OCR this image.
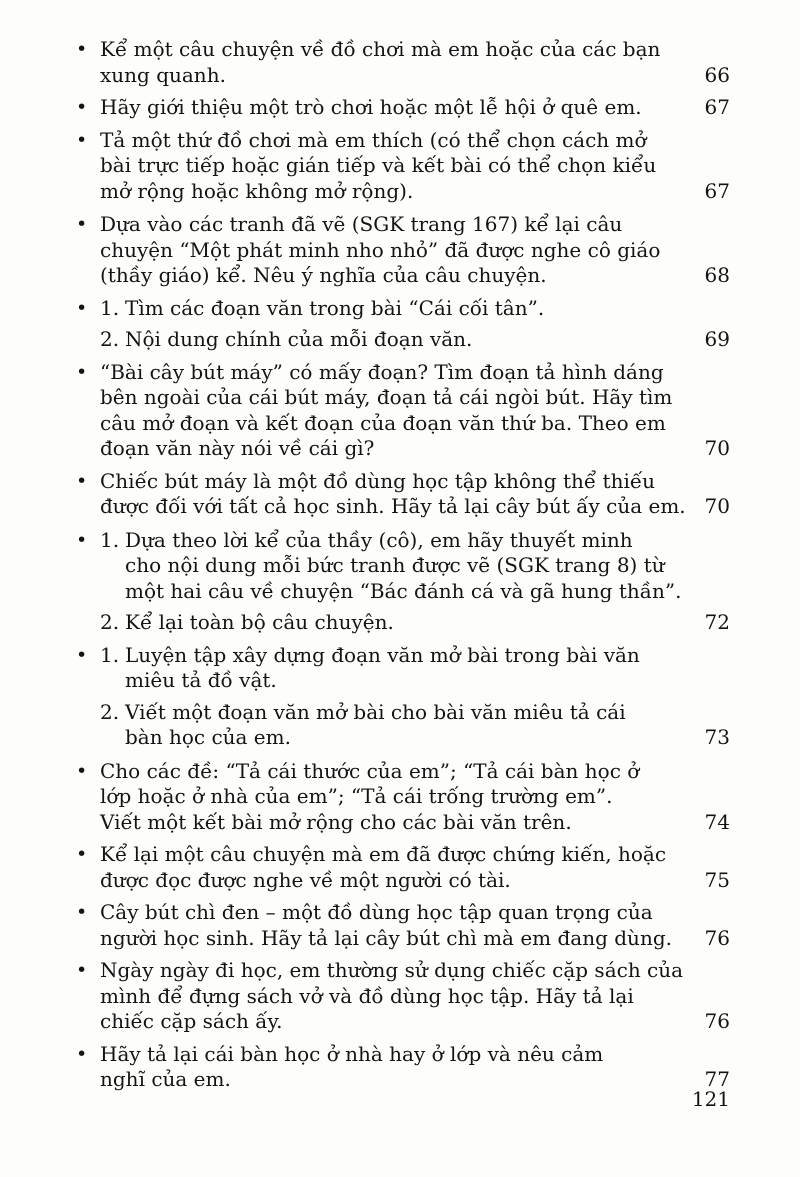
• Kể một câu chuyện về đồ chơi mà em hoặc của các bạn
xung quanh.	66
• Hãy giới thiệu một trò chơi hoặc một lễ hội ở quê em.	67
• Tả một thứ đồ chơi mà em thích (có thể chọn cách mở
bài trực tiếp hoặc gián tiếp và kết bài có thể chọn kiểu
mở rộng hoặc không mở rộng).	67
• Dựa vào các tranh đã vẽ (SGK trang 167) kể lại câu
chuyện “Một phát minh nho nhỏ” đã được nghe cô giáo
(thầy giáo) kể. Nêu ý nghĩa của câu chuyện.	68
• 1. Tìm các đoạn văn trong bài “Cái cối tân”.
2. Nội dung chính của mỗi đoạn văn.	69
• “Bài cây bút máy” có mấy đoạn? Tìm đoạn tả hình dáng
bên ngoài của cái bút máy, đoạn tả cái ngòi bút. Hãy tìm
câu mở đoạn và kết đoạn của đoạn văn thứ ba. Theo em
đoạn văn này nói về cái gì?	70
• Chiếc bút máy là một đồ dùng học tập không thể thiếu
được đối với tất cả học sinh. Hãy tả lại cây bút ấy của em. 70
• 1. Dựa theo lời kể của thầy (cô), em hãy thuyết minh
cho nội dung mỗi bức tranh được vẽ (SGK trang 8) từ
một hai câu về chuyện “Bác đánh cá và gã hung thần”.
2. Kể lại toàn bộ câu chuyện.	72
• 1. Luyện tập xây dựng đoạn văn mở bài trong bài văn
miêu tả đồ vật.
2. Viết một đoạn văn mở bài cho bài văn miêu tả cái
bàn học của em.	73
• Cho các đề: “Tả cái thước của em”; “Tả cái bàn học ở
lớp hoặc ở nhà của em”; “Tả cái trống trường em”.
Viết một kết bài mở rộng cho các bài văn trên.	74
• Kể lại một câu chuyện mà em đã được chứng kiến, hoặc
được đọc được nghe về một người có tài.	75
• Cây bút chì đen – một đồ dùng học tập quan trọng của
người học sinh. Hãy tả lại cây bút chì mà em đang dùng.	76
• Ngày ngày đi học, em thường sử dụng chiếc cặp sách của
mình để đựng sách vở và đồ dùng học tập. Hãy tả lại
chiếc cặp sách ấy.	76
• Hãy tả lại cái bàn học ở nhà hay ở lớp và nêu cảm
nghĩ của em.	77
121
